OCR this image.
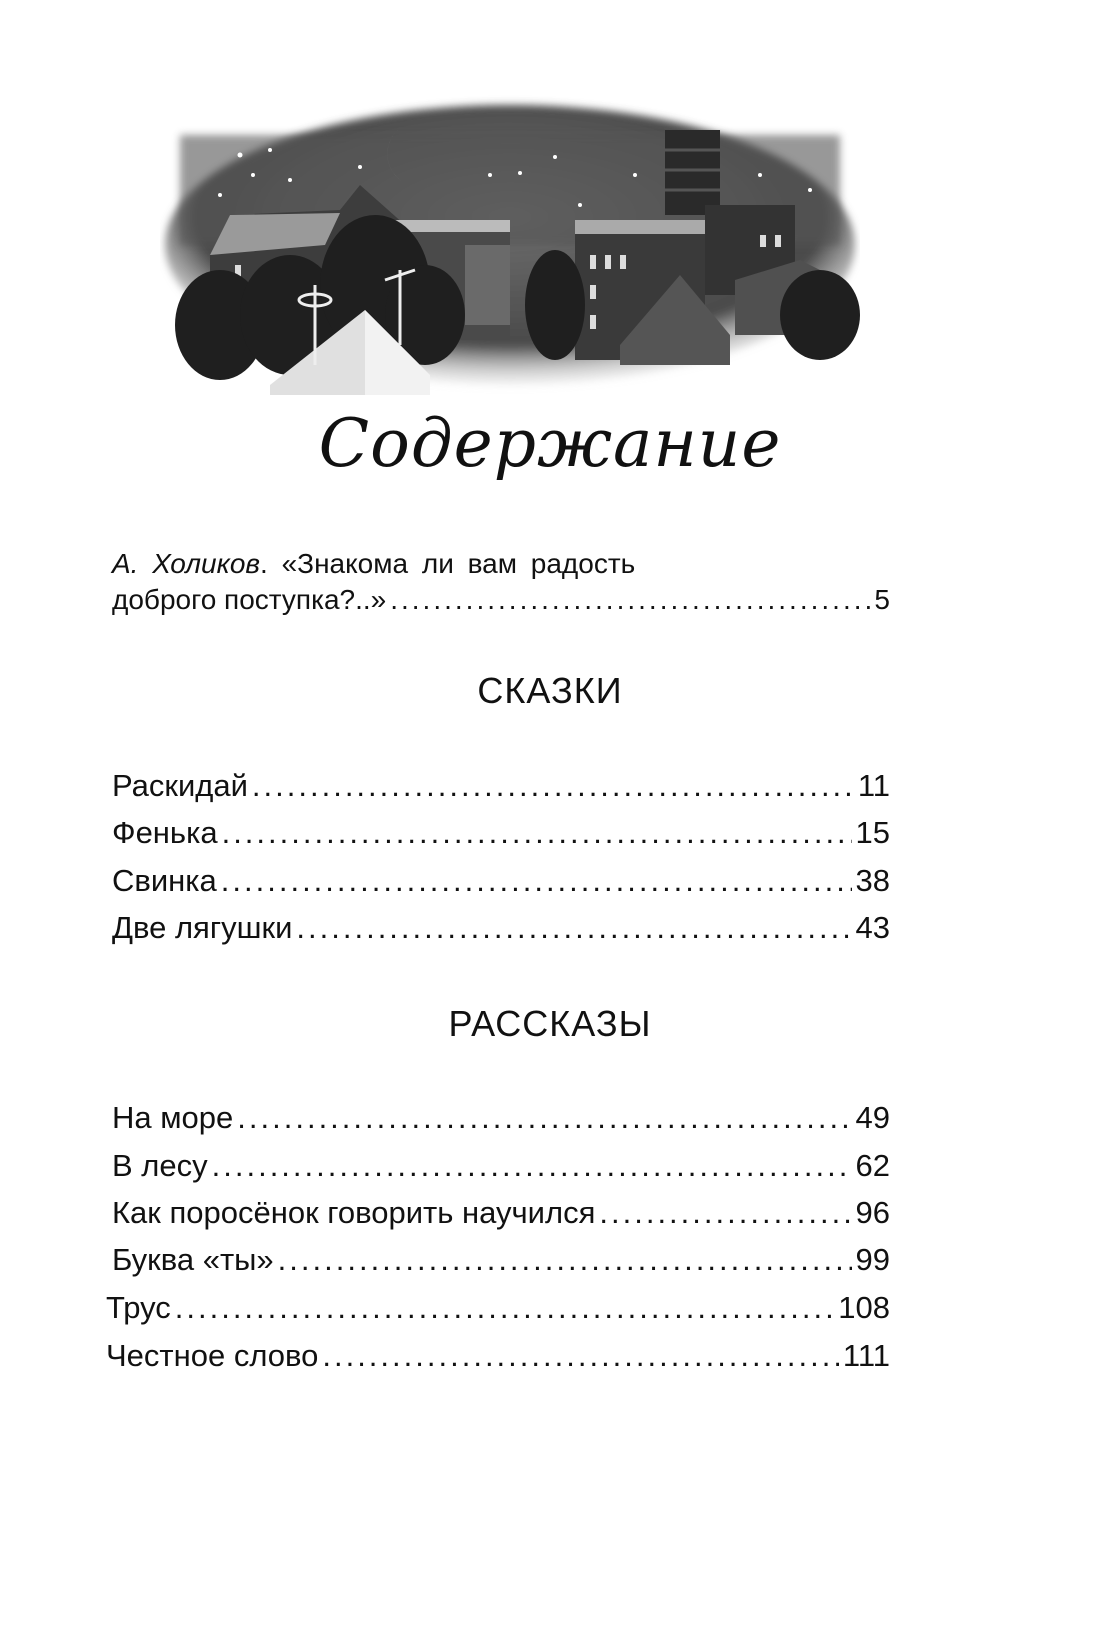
Содержание
А. Холиков. «Знакома ли вам радость
доброго поступка?..» .....	5
СКАЗКИ
Раскидай .....	11
Фенька .....	15
Свинка .....	38
Две лягушки .....	43
РАССКАЗЫ
На море .....	49
В лесу .....	62
Как поросёнок говорить научился .....	96
Буква «ты» .....	99
Трус .....	108
Честное слово .....	111
